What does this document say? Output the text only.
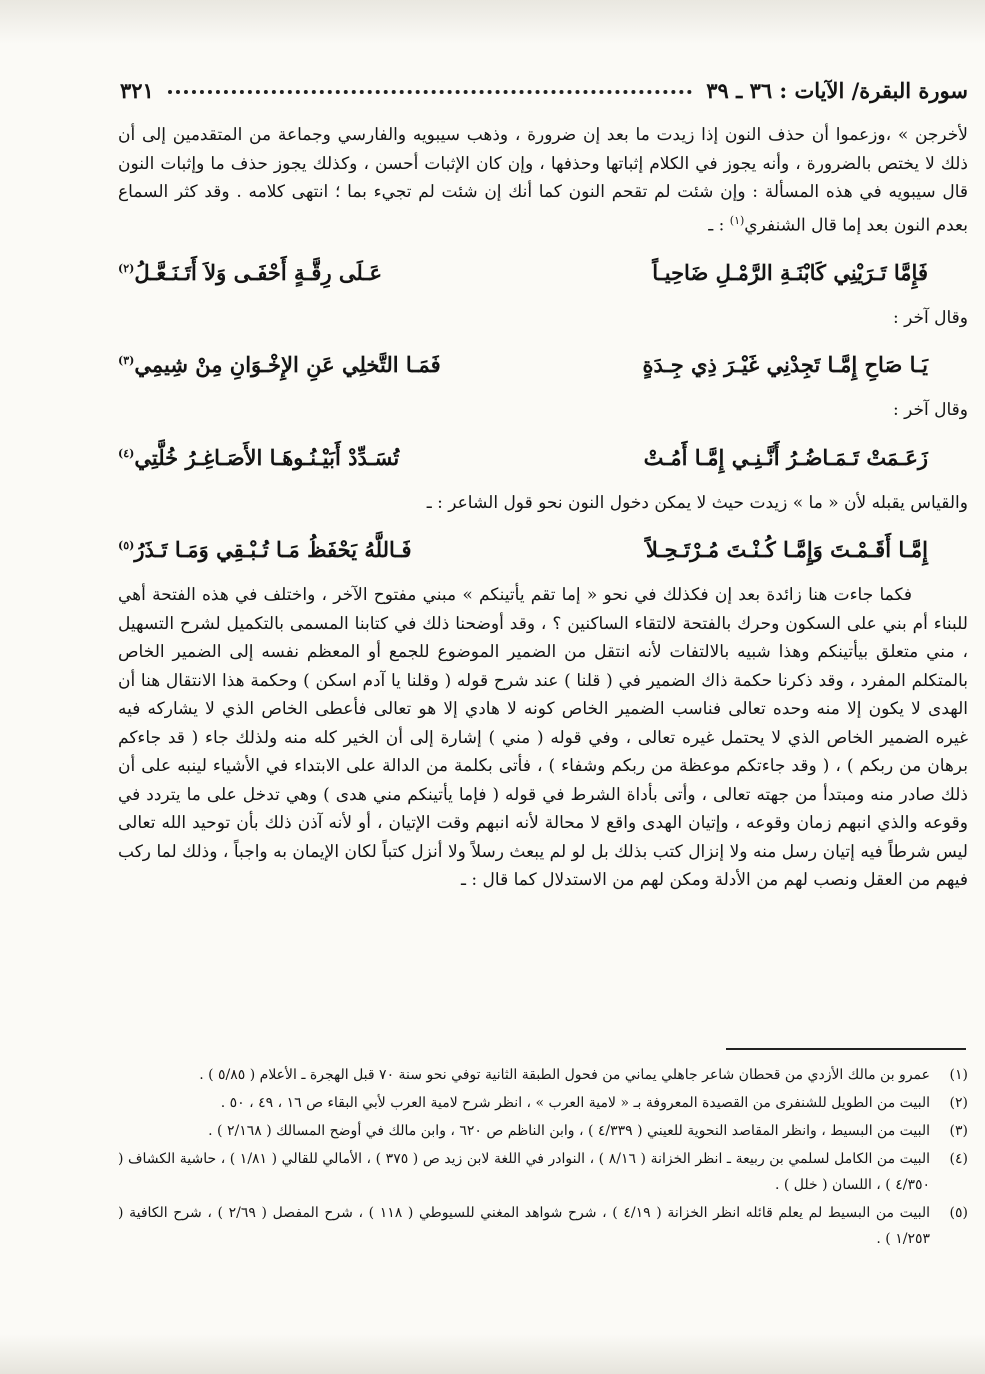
سورة البقرة/ الآيات : ٣٦ ـ ٣٩
٣٢١

لأخرجن » ،وزعموا أن حذف النون إذا زيدت ما بعد إن ضرورة ، وذهب سيبويه والفارسي وجماعة من المتقدمين إلى أن ذلك لا يختص بالضرورة ، وأنه يجوز في الكلام إثباتها وحذفها ، وإن كان الإثبات أحسن ، وكذلك يجوز حذف ما وإثبات النون قال سيبويه في هذه المسألة : وإن شئت لم تقحم النون كما أنك إن شئت لم تجيء بما ؛ انتهى كلامه . وقد كثر السماع بعدم النون بعد إما قال الشنفري$^{(١)}$ : ـ

فَإِمَّا تَـرَيْنِي كَابْنَـةِ الرَّمْـلِ ضَاحِيـاً
عَـلَى رِقَّـةٍ أَحْفَـى وَلاَ أَتَـنَـعَّـلُ$^{(٢)}$

وقال آخر :

يَـا صَاحِ إِمَّـا تَجِدْنِي غَيْـرَ ذِي جِـدَةٍ
فَمَـا التَّخلِي عَنِ الإِخْـوَانِ مِنْ شِيمِي$^{(٣)}$

وقال آخر :

زَعَـمَتْ تَـمَـاضُـرُ أَنَّـنِـي إِمَّـا أَمُـتْ
تُسَـدِّدْ أَبَيْـنُـوهَـا الأَصَـاغِـرُ خُلَّتِي$^{(٤)}$

والقياس يقبله لأن « ما » زيدت حيث لا يمكن دخول النون نحو قول الشاعر : ـ

إِمَّـا أَقَـمْـتَ وَإِمَّـا كُـنْـتَ مُـرْتَـحِـلاً
فَـاللَّهُ يَحْفَظُ مَـا تُـبْـقِي وَمَـا تَـذَرُ$^{(٥)}$

فكما جاءت هنا زائدة بعد إن فكذلك في نحو « إما تقم يأتينكم » مبني مفتوح الآخر ، واختلف في هذه الفتحة أهي للبناء أم بني على السكون وحرك بالفتحة لالتقاء الساكنين ؟ ، وقد أوضحنا ذلك في كتابنا المسمى بالتكميل لشرح التسهيل ، مني متعلق بيأتينكم وهذا شبيه بالالتفات لأنه انتقل من الضمير الموضوع للجمع أو المعظم نفسه إلى الضمير الخاص بالمتكلم المفرد ، وقد ذكرنا حكمة ذاك الضمير في ( قلنا ) عند شرح قوله ( وقلنا يا آدم اسكن ) وحكمة هذا الانتقال هنا أن الهدى لا يكون إلا منه وحده تعالى فناسب الضمير الخاص كونه لا هادي إلا هو تعالى فأعطى الخاص الذي لا يشاركه فيه غيره الضمير الخاص الذي لا يحتمل غيره تعالى ، وفي قوله ( مني ) إشارة إلى أن الخير كله منه ولذلك جاء ( قد جاءكم برهان من ربكم ) ، ( وقد جاءتكم موعظة من ربكم وشفاء ) ، فأتى بكلمة من الدالة على الابتداء في الأشياء لينبه على أن ذلك صادر منه ومبتدأ من جهته تعالى ، وأتى بأداة الشرط في قوله ( فإما يأتينكم مني هدى ) وهي تدخل على ما يتردد في وقوعه والذي انبهم زمان وقوعه ، وإتيان الهدى واقع لا محالة لأنه انبهم وقت الإتيان ، أو لأنه آذن ذلك بأن توحيد الله تعالى ليس شرطاً فيه إتيان رسل منه ولا إنزال كتب بذلك بل لو لم يبعث رسلاً ولا أنزل كتباً لكان الإيمان به واجباً ، وذلك لما ركب فيهم من العقل ونصب لهم من الأدلة ومكن لهم من الاستدلال كما قال : ـ

(١)
عمرو بن مالك الأزدي من قحطان شاعر جاهلي يماني من فحول الطبقة الثانية توفي نحو سنة ٧٠ قبل الهجرة ـ الأعلام ( ٥/٨٥ ) .
(٢)
البيت من الطويل للشنفرى من القصيدة المعروفة بـ « لامية العرب » ، انظر شرح لامية العرب لأبي البقاء ص ١٦ ، ٤٩ ، ٥٠ .
(٣)
البيت من البسيط ، وانظر المقاصد النحوية للعيني ( ٤/٣٣٩ ) ، وابن الناظم ص ٦٢٠ ، وابن مالك في أوضح المسالك ( ٢/١٦٨ ) .
(٤)
البيت من الكامل لسلمي بن ربيعة ـ انظر الخزانة ( ٨/١٦ ) ، النوادر في اللغة لابن زيد ص ( ٣٧٥ ) ، الأمالي للقالي ( ١/٨١ ) ، حاشية الكشاف ( ٤/٣٥٠ ) ، اللسان ( خلل ) .
(٥)
البيت من البسيط لم يعلم قائله انظر الخزانة ( ٤/١٩ ) ، شرح شواهد المغني للسيوطي ( ١١٨ ) ، شرح المفصل ( ٢/٦٩ ) ، شرح الكافية ( ١/٢٥٣ ) .
